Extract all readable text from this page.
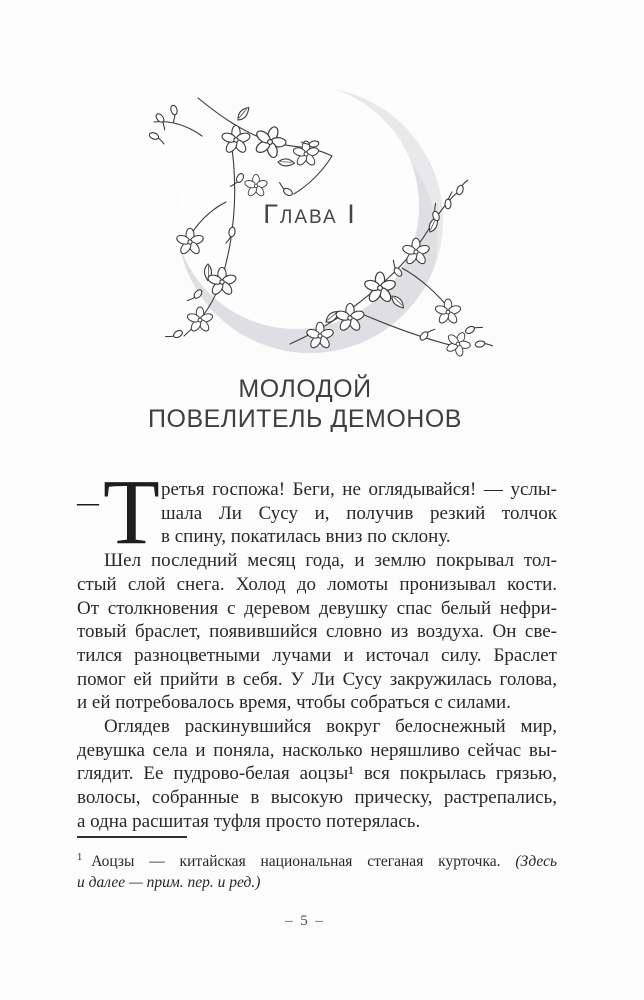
Глава I
МОЛОДОЙ
ПОВЕЛИТЕЛЬ ДЕМОНОВ
— Т ретья госпожа! Беги, не оглядывайся! — услы-
шала Ли Сусу и, получив резкий толчок
в спину, покатилась вниз по склону.
Шел последний месяц года, и землю покрывал тол-
стый слой снега. Холод до ломоты пронизывал кости.
От столкновения с деревом девушку спас белый нефри-
товый браслет, появившийся словно из воздуха. Он све-
тился разноцветными лучами и источал силу. Браслет
помог ей прийти в себя. У Ли Сусу закружилась голова,
и ей потребовалось время, чтобы собраться с силами.
Оглядев раскинувшийся вокруг белоснежный мир,
девушка села и поняла, насколько неряшливо сейчас вы-
глядит. Ее пудрово-белая аоцзы¹ вся покрылась грязью,
волосы, собранные в высокую прическу, растрепались,
а одна расшитая туфля просто потерялась.
$^1$ Аоцзы — китайская национальная стеганая курточка. (Здесь
и далее — прим. пер. и ред.)
– 5 –
